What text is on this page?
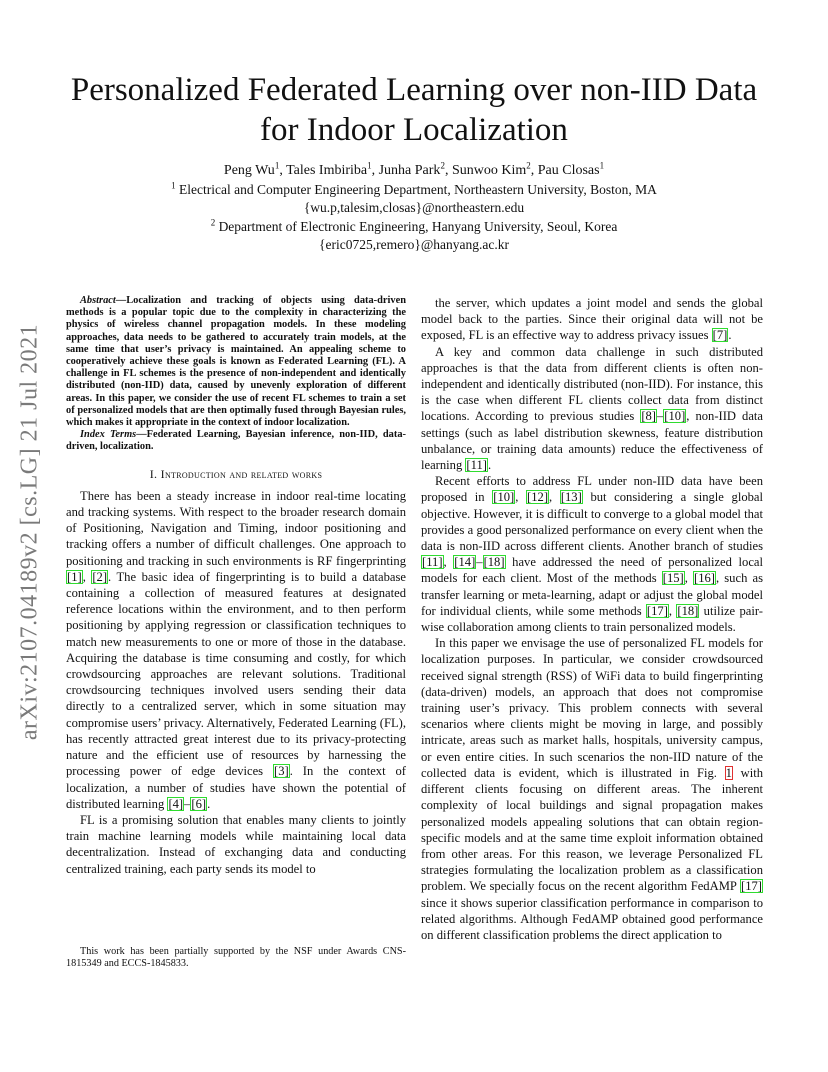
Personalized Federated Learning over non-IID Data
for Indoor Localization
Peng Wu$^1$, Tales Imbiriba$^1$, Junha Park$^2$, Sunwoo Kim$^2$, Pau Closas$^1$
$^1$ Electrical and Computer Engineering Department, Northeastern University, Boston, MA
{wu.p,talesim,closas}@northeastern.edu
$^2$ Department of Electronic Engineering, Hanyang University, Seoul, Korea
{eric0725,remero}@hanyang.ac.kr
arXiv:2107.04189v2 [cs.LG] 21 Jul 2021

Abstract—Localization and tracking of objects using data-driven methods is a popular topic due to the complexity in characterizing the physics of wireless channel propagation models. In these modeling approaches, data needs to be gathered to accurately train models, at the same time that user’s privacy is maintained. An appealing scheme to cooperatively achieve these goals is known as Federated Learning (FL). A challenge in FL schemes is the presence of non-independent and identically distributed (non-IID) data, caused by unevenly exploration of different areas. In this paper, we consider the use of recent FL schemes to train a set of personalized models that are then optimally fused through Bayesian rules, which makes it appropriate in the context of indoor localization.

Index Terms—Federated Learning, Bayesian inference, non-IID, data-driven, localization.

I. Introduction and related works

There has been a steady increase in indoor real-time locating and tracking systems. With respect to the broader research domain of Positioning, Navigation and Timing, indoor positioning and tracking offers a number of difficult challenges. One approach to positioning and tracking in such environments is RF fingerprinting [1], [2]. The basic idea of fingerprinting is to build a database containing a collection of measured features at designated reference locations within the environment, and to then perform positioning by applying regression or classification techniques to match new measurements to one or more of those in the database. Acquiring the database is time consuming and costly, for which crowdsourcing approaches are relevant solutions. Traditional crowdsourcing techniques involved users sending their data directly to a centralized server, which in some situation may compromise users’ privacy. Alternatively, Federated Learning (FL), has recently attracted great interest due to its privacy-protecting nature and the efficient use of resources by harnessing the processing power of edge devices [3]. In the context of localization, a number of studies have shown the potential of distributed learning [4]–[6].

FL is a promising solution that enables many clients to jointly train machine learning models while maintaining local data decentralization. Instead of exchanging data and conducting centralized training, each party sends its model to

the server, which updates a joint model and sends the global model back to the parties. Since their original data will not be exposed, FL is an effective way to address privacy issues [7].

A key and common data challenge in such distributed approaches is that the data from different clients is often non-independent and identically distributed (non-IID). For instance, this is the case when different FL clients collect data from distinct locations. According to previous studies [8]–[10], non-IID data settings (such as label distribution skewness, feature distribution unbalance, or training data amounts) reduce the effectiveness of learning [11].

Recent efforts to address FL under non-IID data have been proposed in [10], [12], [13] but considering a single global objective. However, it is difficult to converge to a global model that provides a good personalized performance on every client when the data is non-IID across different clients. Another branch of studies [11], [14]–[18] have addressed the need of personalized local models for each client. Most of the methods [15], [16], such as transfer learning or meta-learning, adapt or adjust the global model for individual clients, while some methods [17], [18] utilize pair-wise collaboration among clients to train personalized models.

In this paper we envisage the use of personalized FL models for localization purposes. In particular, we consider crowdsourced received signal strength (RSS) of WiFi data to build fingerprinting (data-driven) models, an approach that does not compromise training user’s privacy. This problem connects with several scenarios where clients might be moving in large, and possibly intricate, areas such as market halls, hospitals, university campus, or even entire cities. In such scenarios the non-IID nature of the collected data is evident, which is illustrated in Fig. 1 with different clients focusing on different areas. The inherent complexity of local buildings and signal propagation makes personalized models appealing solutions that can obtain region-specific models and at the same time exploit information obtained from other areas. For this reason, we leverage Personalized FL strategies formulating the localization problem as a classification problem. We specially focus on the recent algorithm FedAMP [17] since it shows superior classification performance in comparison to related algorithms. Although FedAMP obtained good performance on different classification problems the direct application to

This work has been partially supported by the NSF under Awards CNS-1815349 and ECCS-1845833.
